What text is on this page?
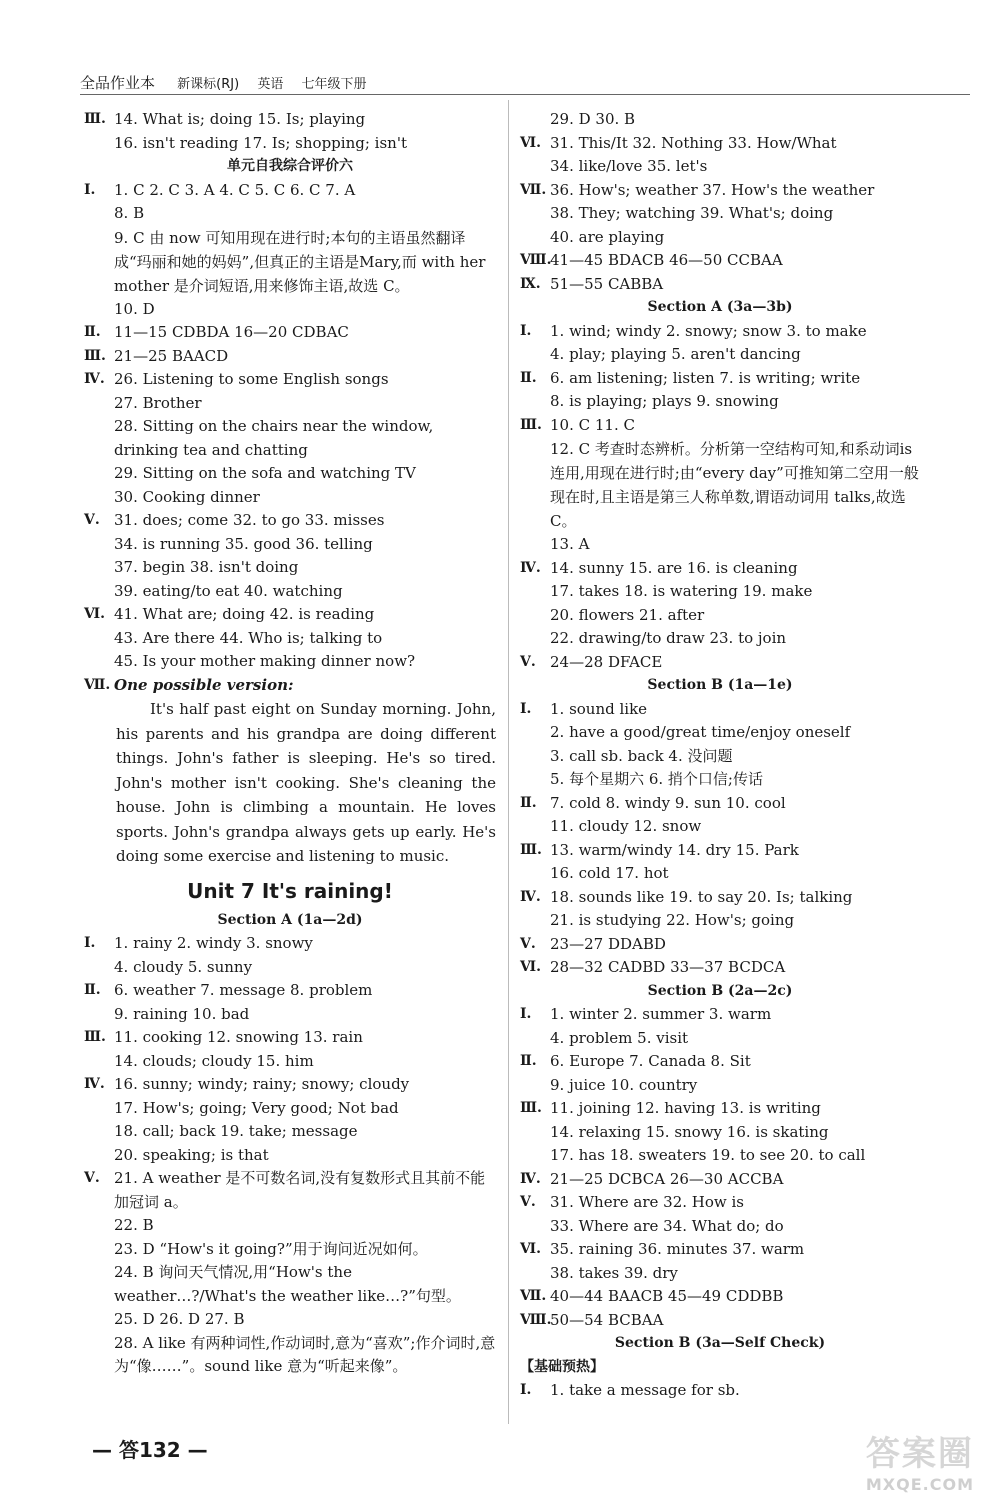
全品作业本 新课标(RJ) 英语 七年级下册
Ⅲ. 14. What is; doing 15. Is; playing
16. isn't reading 17. Is; shopping; isn't
单元自我综合评价六
Ⅰ.	1. C 2. C 3. A 4. C 5. C 6. C 7. A
8. B
9. C 由 now 可知用现在进行时;本句的主语虽然翻译成“玛丽和她的妈妈”,但真正的主语是Mary,而 with her mother 是介词短语,用来修饰主语,故选 C。
10. D
Ⅱ. 11—15 CDBDA 16—20 CDBAC
Ⅲ. 21—25 BAACD
Ⅳ. 26. Listening to some English songs
27. Brother
28. Sitting on the chairs near the window, drinking tea and chatting
29. Sitting on the sofa and watching TV
30. Cooking dinner
Ⅴ. 31. does; come 32. to go 33. misses
34. is running 35. good 36. telling
37. begin 38. isn't doing
39. eating/to eat 40. watching
Ⅵ. 41. What are; doing 42. is reading
43. Are there 44. Who is; talking to
45. Is your mother making dinner now?
Ⅶ. One possible version:
It's half past eight on Sunday morning. John, his parents and his grandpa are doing different things. John's father is sleeping. He's so tired. John's mother isn't cooking. She's cleaning the house. John is climbing a mountain. He loves sports. John's grandpa always gets up early. He's doing some exercise and listening to music.
Unit 7 It's raining!
Section A (1a—2d)
Ⅰ.	1. rainy 2. windy 3. snowy
4. cloudy 5. sunny
Ⅱ. 6. weather 7. message 8. problem
9. raining 10. bad
Ⅲ. 11. cooking 12. snowing 13. rain
14. clouds; cloudy 15. him
Ⅳ. 16. sunny; windy; rainy; snowy; cloudy
17. How's; going; Very good; Not bad
18. call; back 19. take; message
20. speaking; is that
Ⅴ. 21. A weather 是不可数名词,没有复数形式且其前不能加冠词 a。
22. B
23. D “How's it going?”用于询问近况如何。
24. B 询问天气情况,用“How's the weather…?/What's the weather like…?”句型。
25. D 26. D 27. B
28. A like 有两种词性,作动词时,意为“喜欢”;作介词时,意为“像……”。sound like 意为“听起来像”。
29. D 30. B
Ⅵ. 31. This/It 32. Nothing 33. How/What
34. like/love 35. let's
Ⅶ. 36. How's; weather 37. How's the weather
38. They; watching 39. What's; doing
40. are playing
Ⅷ.
41—45 BDACB 46—50 CCBAA
Ⅸ. 51—55 CABBA
Section A (3a—3b)
Ⅰ.	1. wind; windy 2. snowy; snow 3. to make
4. play; playing 5. aren't dancing
Ⅱ. 6. am listening; listen 7. is writing; write
8. is playing; plays 9. snowing
Ⅲ. 10. C 11. C
12. C 考查时态辨析。分析第一空结构可知,和系动词is连用,用现在进行时;由“every day”可推知第二空用一般现在时,且主语是第三人称单数,谓语动词用 talks,故选 C。
13. A
Ⅳ. 14. sunny 15. are 16. is cleaning
17. takes 18. is watering 19. make
20. flowers 21. after
22. drawing/to draw 23. to join
Ⅴ. 24—28 DFACE
Section B (1a—1e)
Ⅰ.	1. sound like
2. have a good/great time/enjoy oneself
3. call sb. back 4. 没问题
5. 每个星期六 6. 捎个口信;传话
Ⅱ. 7. cold 8. windy 9. sun 10. cool
11. cloudy 12. snow
Ⅲ. 13. warm/windy 14. dry 15. Park
16. cold 17. hot
Ⅳ. 18. sounds like 19. to say 20. Is; talking
21. is studying 22. How's; going
Ⅴ. 23—27 DDABD
Ⅵ. 28—32 CADBD 33—37 BCDCA
Section B (2a—2c)
Ⅰ.	1. winter 2. summer 3. warm
4. problem 5. visit
Ⅱ. 6. Europe 7. Canada 8. Sit
9. juice 10. country
Ⅲ. 11. joining 12. having 13. is writing
14. relaxing 15. snowy 16. is skating
17. has 18. sweaters 19. to see 20. to call
Ⅳ. 21—25 DCBCA 26—30 ACCBA
Ⅴ. 31. Where are 32. How is
33. Where are 34. What do; do
Ⅵ. 35. raining 36. minutes 37. warm
38. takes 39. dry
Ⅶ. 40—44 BAACB 45—49 CDDBB
Ⅷ.
50—54 BCBAA
Section B (3a—Self Check)
【基础预热】
Ⅰ.	1. take a message for sb.
— 答132 —	答案圈
MXQE.COM
